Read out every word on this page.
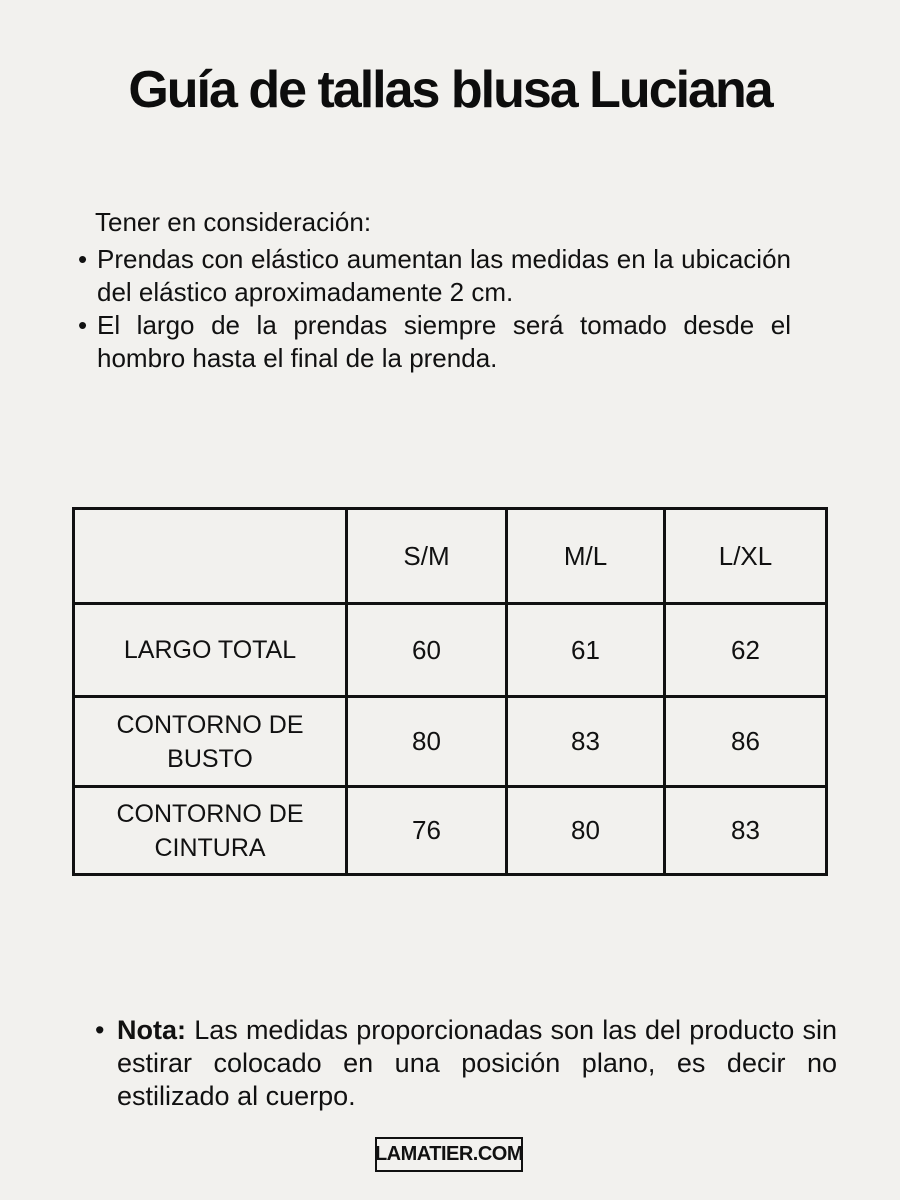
Guía de tallas blusa Luciana

Tener en consideración:

• Prendas con elástico aumentan las medidas en la ubicación del elástico aproximadamente 2 cm.
• El largo de la prendas siempre será tomado desde el hombro hasta el final de la prenda.
	S/M	M/L	L/XL
LARGO TOTAL	60	61	62
CONTORNO DE BUSTO	80	83	86
CONTORNO DE CINTURA	76	80	83
• Nota: Las medidas proporcionadas son las del producto sin estirar colocado en una posición plano, es decir no estilizado al cuerpo.
LAMATIER.COM
